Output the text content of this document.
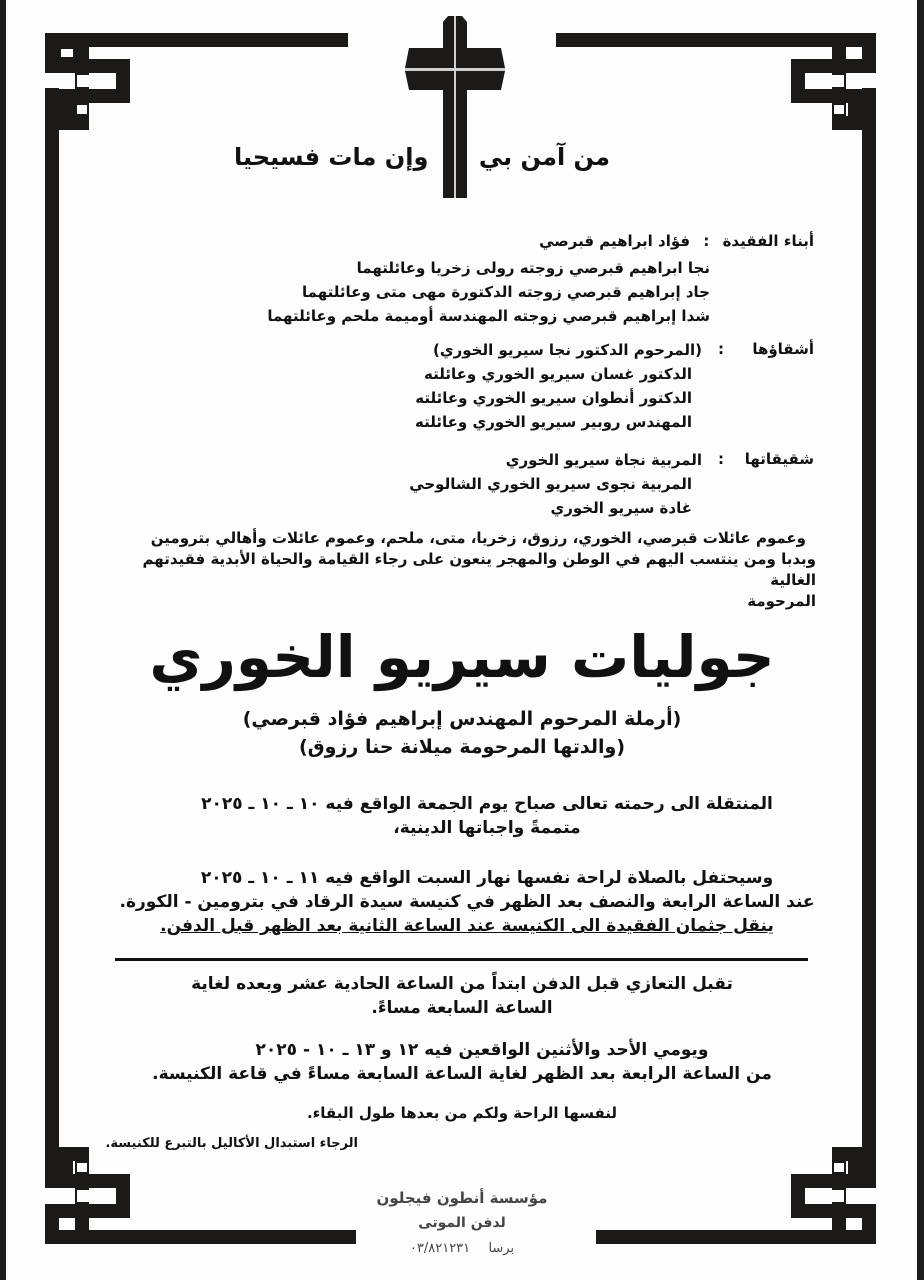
من آمن بي
وإن مات فسيحيا
أبناء الفقيدة : فؤاد ابراهيم قبرصي
نجا ابراهيم قبرصي زوجته رولى زخريا وعائلتهما
جاد إبراهيم قبرصي زوجته الدكتورة مهى متى وعائلتهما
شدا إبراهيم قبرصي زوجته المهندسة أوميمة ملحم وعائلتهما
أشقاؤها
:
(المرحوم الدكتور نجا سيريو الخوري)
الدكتور غسان سيريو الخوري وعائلته
الدكتور أنطوان سيريو الخوري وعائلته
المهندس روبير سيريو الخوري وعائلته
شقيقاتها
:
المربية نجاة سيريو الخوري
المربية نجوى سيريو الخوري الشالوحي
غادة سيريو الخوري
وعموم عائلات قبرصي، الخوري، رزوق، زخريا، متى، ملحم، وعموم عائلات وأهالي بترومين
وبدبا ومن ينتسب اليهم في الوطن والمهجر ينعون على رجاء القيامة والحياة الأبدية فقيدتهم الغالية
المرحومة
جوليات سيريو الخوري
(أرملة المرحوم المهندس إبراهيم فؤاد قبرصي)
(والدتها المرحومة ميلانة حنا رزوق)
المنتقلة الى رحمته تعالى صباح يوم الجمعة الواقع فيه ١٠ ـ ١٠ ـ ٢٠٢٥
متممةً واجباتها الدينية،
وسيحتفل بالصلاة لراحة نفسها نهار السبت الواقع فيه ١١ ـ ١٠ ـ ٢٠٢٥
عند الساعة الرابعة والنصف بعد الظهر في كنيسة سيدة الرقاد في بترومين - الكورة.
ينقل جثمان الفقيدة الى الكنيسة عند الساعة الثانية بعد الظهر قبل الدفن.
تقبل التعازي قبل الدفن ابتداً من الساعة الحادية عشر وبعده لغاية
الساعة السابعة مساءً.
ويومي الأحد والأثنين الواقعين فيه ١٢ و ١٣ ـ ١٠ - ٢٠٢٥
من الساعة الرابعة بعد الظهر لغاية الساعة السابعة مساءً في قاعة الكنيسة.
لنفسها الراحة ولكم من بعدها طول البقاء.
الرجاء استبدال الأكاليل بالتبرع للكنيسة.
مؤسسة أنطون فيجلون
لدفن الموتى
برسا  ٠٣/٨٢١٢٣١
